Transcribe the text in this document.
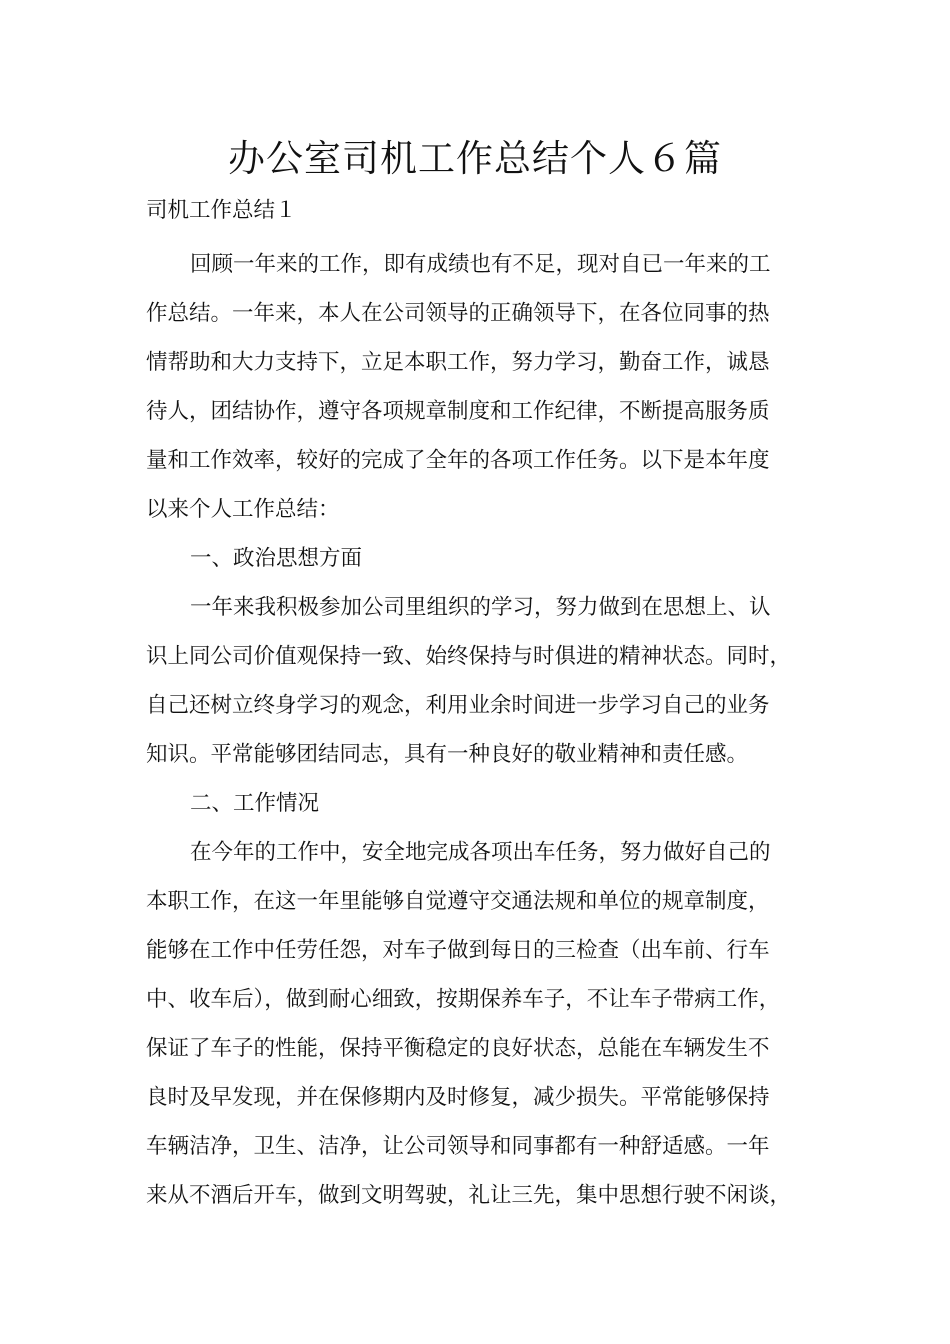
办公室司机工作总结个人６篇

司机工作总结１

回顾一年来的工作，即有成绩也有不足，现对自已一年来的工

作总结。一年来，本人在公司领导的正确领导下，在各位同事的热

情帮助和大力支持下，立足本职工作，努力学习，勤奋工作，诚恳

待人，团结协作，遵守各项规章制度和工作纪律，不断提高服务质

量和工作效率，较好的完成了全年的各项工作任务。以下是本年度

以来个人工作总结：

一、政治思想方面

一年来我积极参加公司里组织的学习，努力做到在思想上、认

识上同公司价值观保持一致、始终保持与时俱进的精神状态。同时，

自己还树立终身学习的观念，利用业余时间进一步学习自己的业务

知识。平常能够团结同志，具有一种良好的敬业精神和责任感。

二、工作情况

在今年的工作中，安全地完成各项出车任务，努力做好自己的

本职工作，在这一年里能够自觉遵守交通法规和单位的规章制度，

能够在工作中任劳任怨，对车子做到每日的三检查（出车前、行车

中、收车后），做到耐心细致，按期保养车子，不让车子带病工作，

保证了车子的性能，保持平衡稳定的良好状态，总能在车辆发生不

良时及早发现，并在保修期内及时修复，减少损失。平常能够保持

车辆洁净，卫生、洁净，让公司领导和同事都有一种舒适感。一年

来从不酒后开车，做到文明驾驶，礼让三先，集中思想行驶不闲谈，
